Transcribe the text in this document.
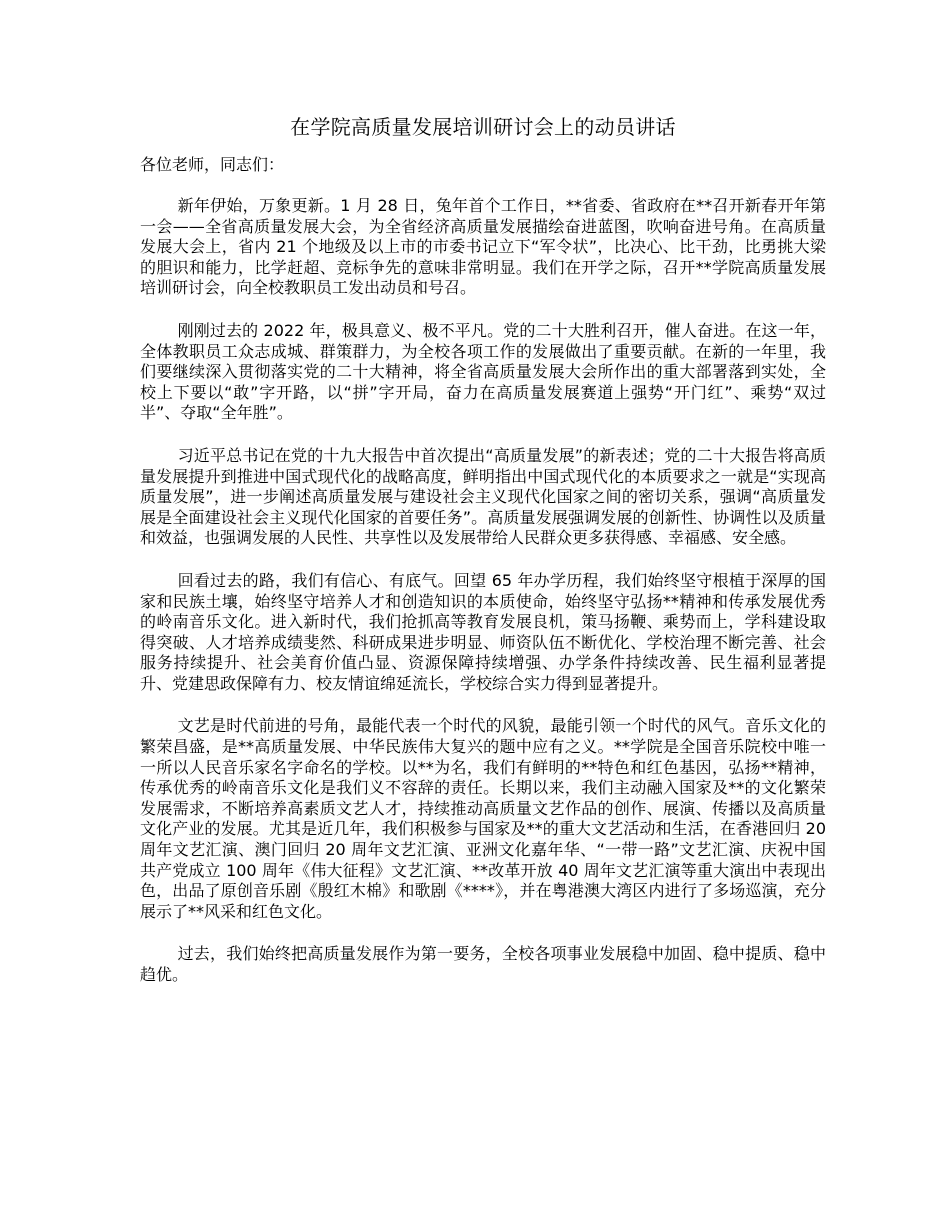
在学院高质量发展培训研讨会上的动员讲话

各位老师，同志们：

新年伊始，万象更新。1 月 28 日，兔年首个工作日，**省委、省政府在**召开新春开年第一会——全省高质量发展大会，为全省经济高质量发展描绘奋进蓝图，吹响奋进号角。在高质量发展大会上，省内 21 个地级及以上市的市委书记立下“军令状”，比决心、比干劲，比勇挑大梁的胆识和能力，比学赶超、竞标争先的意味非常明显。我们在开学之际，召开**学院高质量发展培训研讨会，向全校教职员工发出动员和号召。

刚刚过去的 2022 年，极具意义、极不平凡。党的二十大胜利召开，催人奋进。在这一年，全体教职员工众志成城、群策群力，为全校各项工作的发展做出了重要贡献。在新的一年里，我们要继续深入贯彻落实党的二十大精神，将全省高质量发展大会所作出的重大部署落到实处，全校上下要以“敢”字开路，以“拼”字开局，奋力在高质量发展赛道上强势“开门红”、乘势“双过半”、夺取“全年胜”。

习近平总书记在党的十九大报告中首次提出“高质量发展”的新表述；党的二十大报告将高质量发展提升到推进中国式现代化的战略高度，鲜明指出中国式现代化的本质要求之一就是“实现高质量发展”，进一步阐述高质量发展与建设社会主义现代化国家之间的密切关系，强调“高质量发展是全面建设社会主义现代化国家的首要任务”。高质量发展强调发展的创新性、协调性以及质量和效益，也强调发展的人民性、共享性以及发展带给人民群众更多获得感、幸福感、安全感。

回看过去的路，我们有信心、有底气。回望 65 年办学历程，我们始终坚守根植于深厚的国家和民族土壤，始终坚守培养人才和创造知识的本质使命，始终坚守弘扬**精神和传承发展优秀的岭南音乐文化。进入新时代，我们抢抓高等教育发展良机，策马扬鞭、乘势而上，学科建设取得突破、人才培养成绩斐然、科研成果进步明显、师资队伍不断优化、学校治理不断完善、社会服务持续提升、社会美育价值凸显、资源保障持续增强、办学条件持续改善、民生福利显著提升、党建思政保障有力、校友情谊绵延流长，学校综合实力得到显著提升。

文艺是时代前进的号角，最能代表一个时代的风貌，最能引领一个时代的风气。音乐文化的繁荣昌盛，是**高质量发展、中华民族伟大复兴的题中应有之义。**学院是全国音乐院校中唯一一所以人民音乐家名字命名的学校。以**为名，我们有鲜明的**特色和红色基因，弘扬**精神，传承优秀的岭南音乐文化是我们义不容辞的责任。长期以来，我们主动融入国家及**的文化繁荣发展需求，不断培养高素质文艺人才，持续推动高质量文艺作品的创作、展演、传播以及高质量文化产业的发展。尤其是近几年，我们积极参与国家及**的重大文艺活动和生活，在香港回归 20 周年文艺汇演、澳门回归 20 周年文艺汇演、亚洲文化嘉年华、“一带一路”文艺汇演、庆祝中国共产党成立 100 周年《伟大征程》文艺汇演、**改革开放 40 周年文艺汇演等重大演出中表现出色，出品了原创音乐剧《殷红木棉》和歌剧《****》，并在粤港澳大湾区内进行了多场巡演，充分展示了**风采和红色文化。

过去，我们始终把高质量发展作为第一要务，全校各项事业发展稳中加固、稳中提质、稳中趋优。
